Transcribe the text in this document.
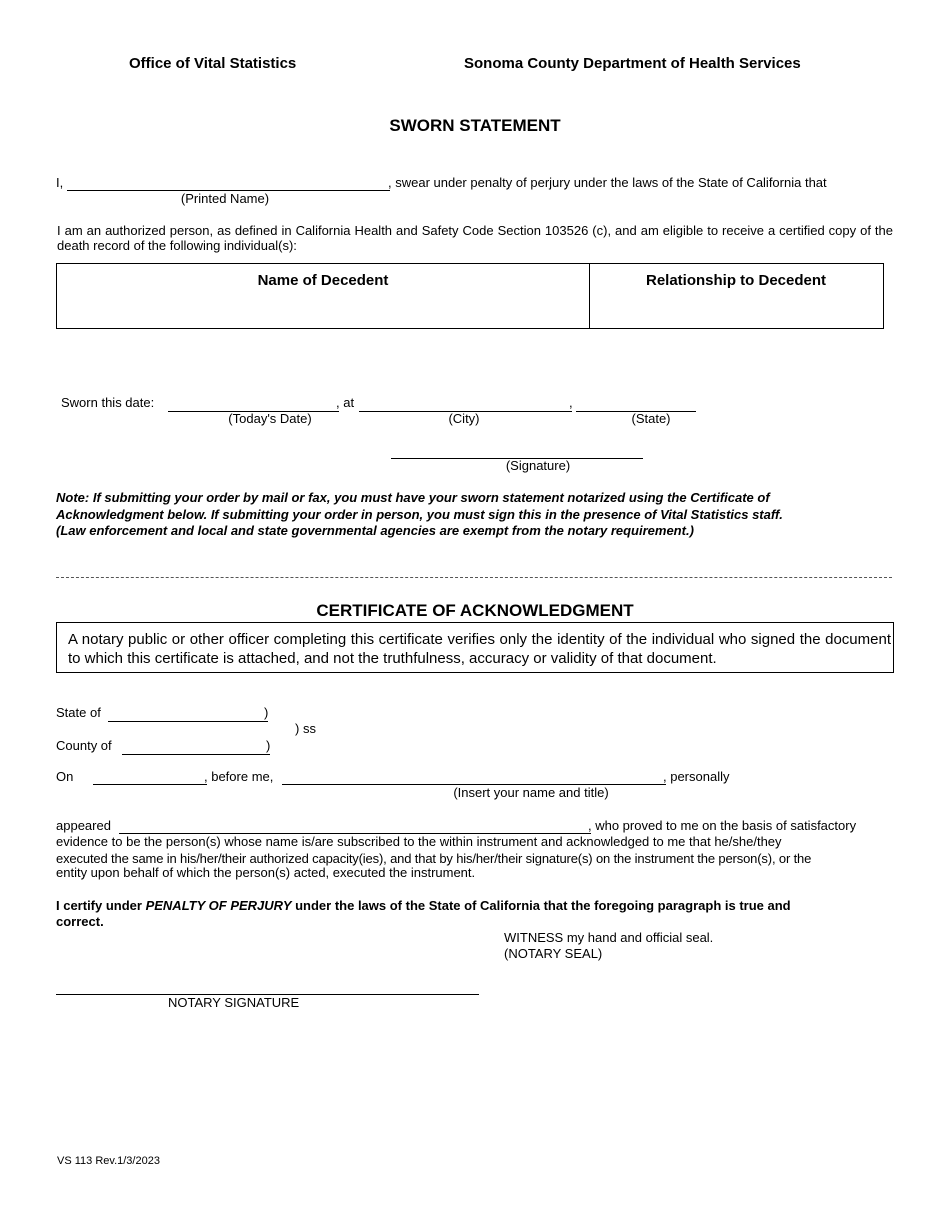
Office of Vital Statistics	Sonoma County Department of Health Services
SWORN STATEMENT
I,	, swear under penalty of perjury under the laws of the State of California that
(Printed Name)
I am an authorized person, as defined in California Health and Safety Code Section 103526 (c), and am eligible to receive a certified copy of the death record of the following individual(s):
Name of Decedent	Relationship to Decedent
Sworn this date:	, at	,
(Today's Date)	(City)	(State)
(Signature)
Note: If submitting your order by mail or fax, you must have your sworn statement notarized using the Certificate of
Acknowledgment below. If submitting your order in person, you must sign this in the presence of Vital Statistics staff.
(Law enforcement and local and state governmental agencies are exempt from the notary requirement.)
CERTIFICATE OF ACKNOWLEDGMENT
A notary public or other officer completing this certificate verifies only the identity of the individual who signed the document to which this certificate is attached, and not the truthfulness, accuracy or validity of that document.
State of	)
) ss
County of	)
On	, before me,	, personally
(Insert your name and title)
appeared	, who proved to me on the basis of satisfactory
evidence to be the person(s) whose name is/are subscribed to the within instrument and acknowledged to me that he/she/they
executed the same in his/her/their authorized capacity(ies), and that by his/her/their signature(s) on the instrument the person(s), or the
entity upon behalf of which the person(s) acted, executed the instrument.
I certify under PENALTY OF PERJURY under the laws of the State of California that the foregoing paragraph is true and
correct.
WITNESS my hand and official seal.
(NOTARY SEAL)
NOTARY SIGNATURE
VS 113 Rev.1/3/2023
